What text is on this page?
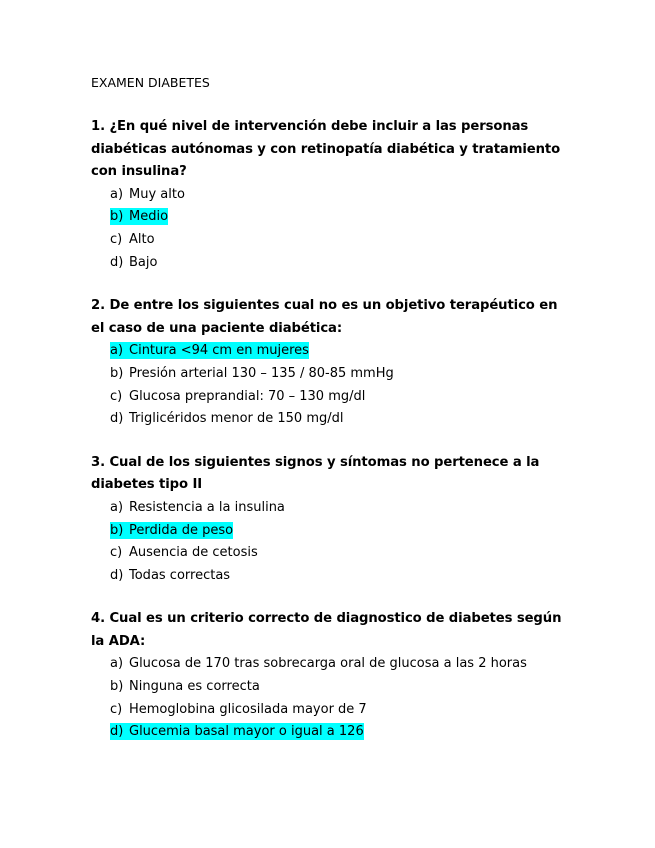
EXAMEN DIABETES

1. ¿En qué nivel de intervención debe incluir a las personas diabéticas autónomas y con retinopatía diabética y tratamiento con insulina?

a) Muy alto
b) Medio
c) Alto
d) Bajo

2. De entre los siguientes cual no es un objetivo terapéutico en el caso de una paciente diabética:

a) Cintura <94 cm en mujeres
b) Presión arterial 130 – 135 / 80-85 mmHg
c) Glucosa preprandial: 70 – 130 mg/dl
d) Triglicéridos menor de 150 mg/dl

3. Cual de los siguientes signos y síntomas no pertenece a la diabetes tipo II

a) Resistencia a la insulina
b) Perdida de peso
c) Ausencia de cetosis
d) Todas correctas

4. Cual es un criterio correcto de diagnostico de diabetes según la ADA:

a) Glucosa de 170 tras sobrecarga oral de glucosa a las 2 horas
b) Ninguna es correcta
c) Hemoglobina glicosilada mayor de 7
d) Glucemia basal mayor o igual a 126
